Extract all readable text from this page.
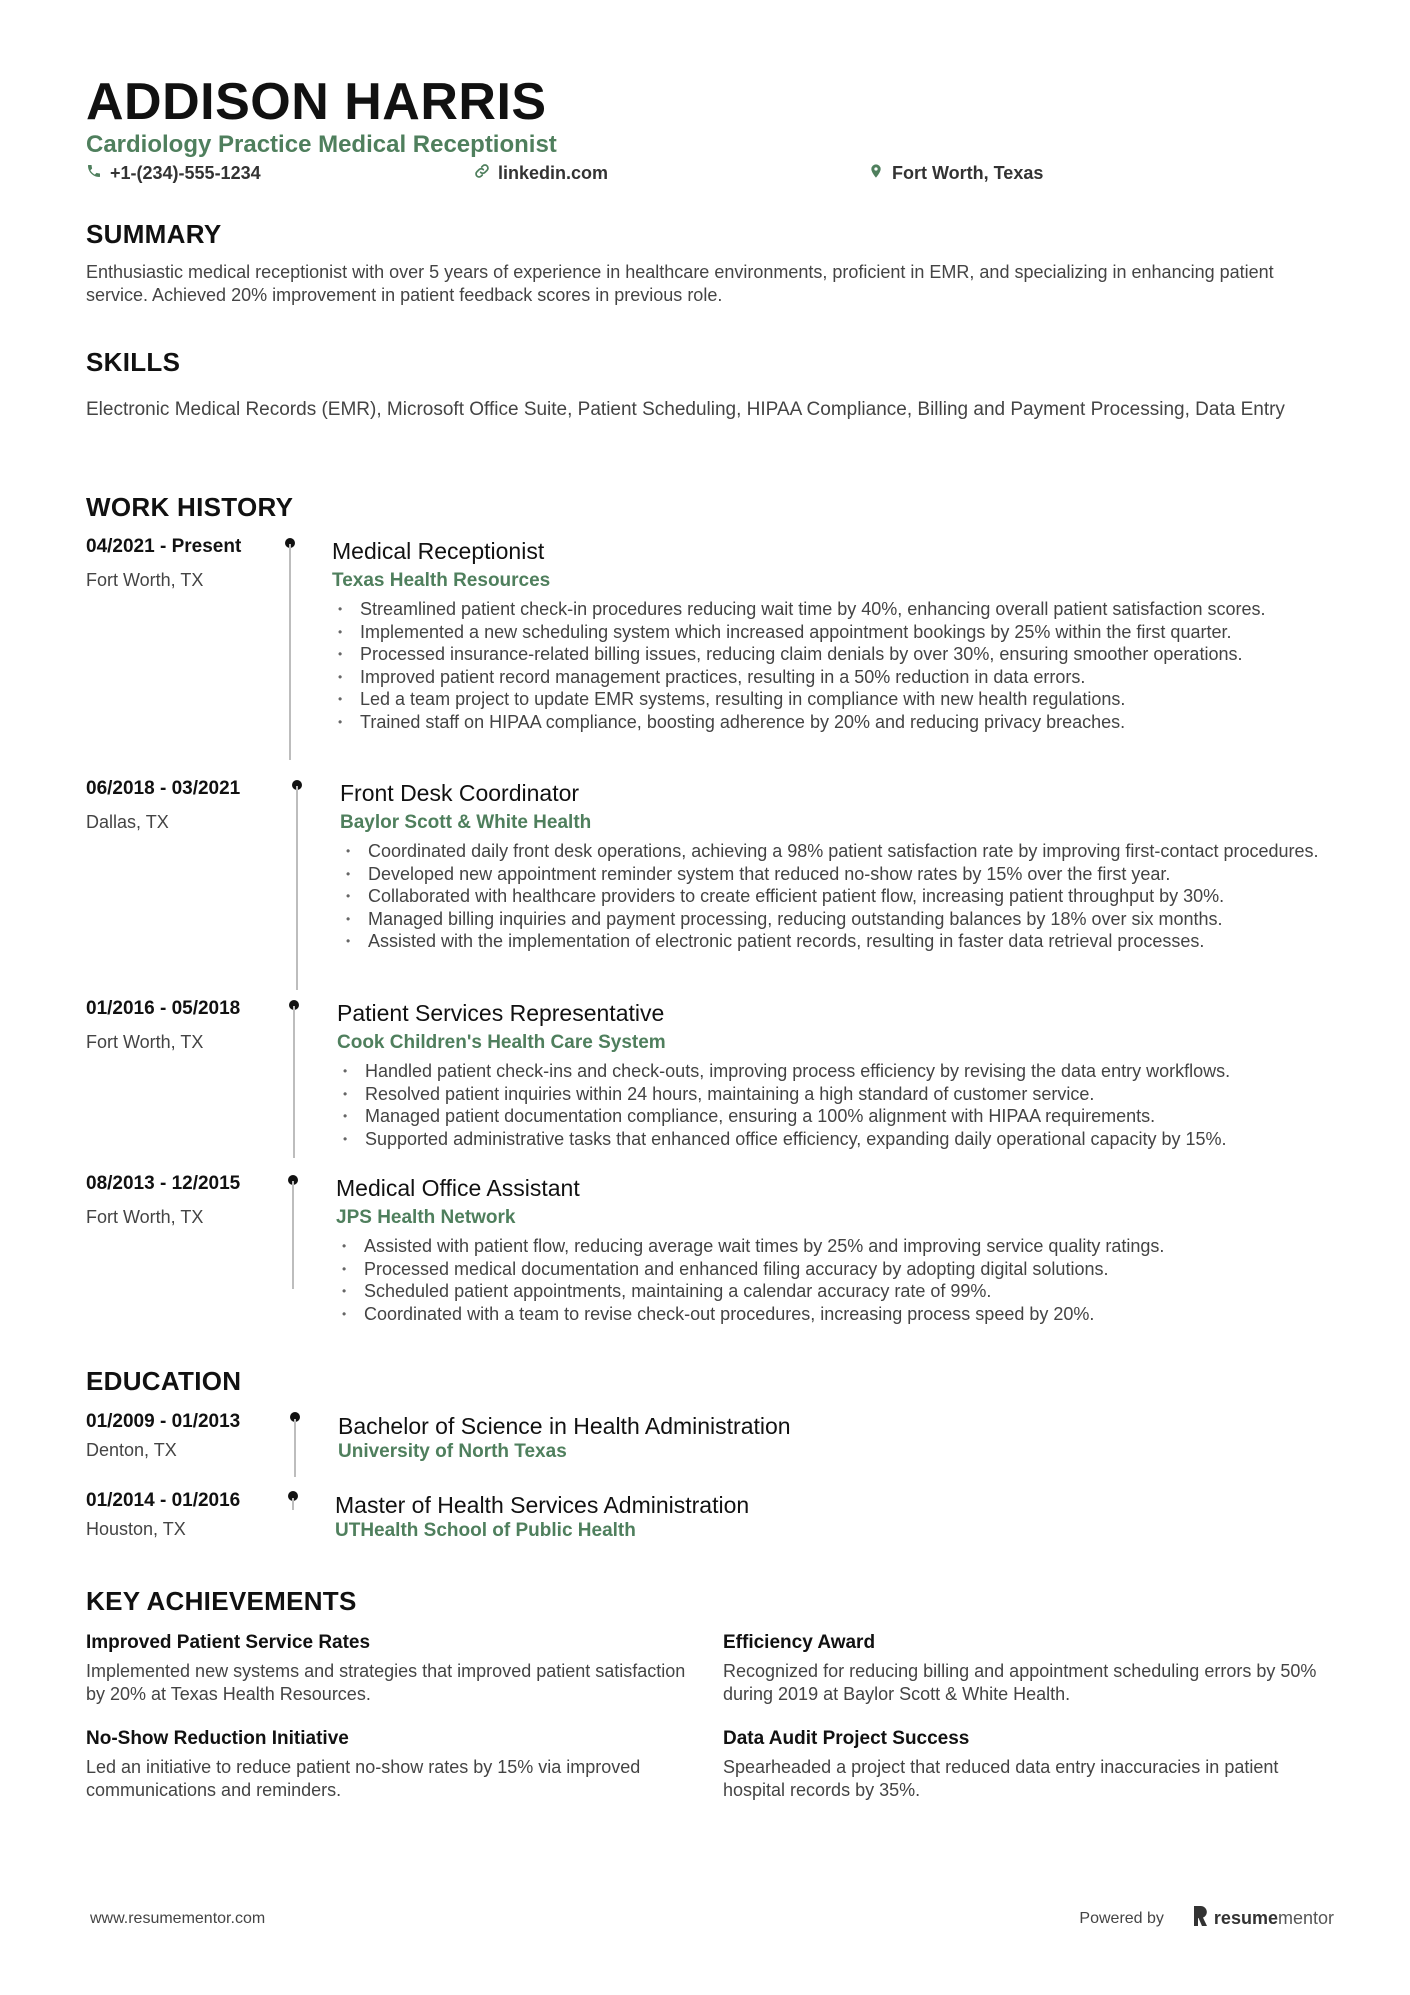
ADDISON HARRIS
Cardiology Practice Medical Receptionist
+1-(234)-555-1234	linkedin.com	Fort Worth, Texas
SUMMARY
Enthusiastic medical receptionist with over 5 years of experience in healthcare environments, proficient in EMR, and specializing in enhancing patient service. Achieved 20% improvement in patient feedback scores in previous role.
SKILLS
Electronic Medical Records (EMR), Microsoft Office Suite, Patient Scheduling, HIPAA Compliance, Billing and Payment Processing, Data Entry
WORK HISTORY
04/2021 - Present
Fort Worth, TX
Medical Receptionist
Texas Health Resources
• Streamlined patient check-in procedures reducing wait time by 40%, enhancing overall patient satisfaction scores.
• Implemented a new scheduling system which increased appointment bookings by 25% within the first quarter.
• Processed insurance-related billing issues, reducing claim denials by over 30%, ensuring smoother operations.
• Improved patient record management practices, resulting in a 50% reduction in data errors.
• Led a team project to update EMR systems, resulting in compliance with new health regulations.
• Trained staff on HIPAA compliance, boosting adherence by 20% and reducing privacy breaches.
06/2018 - 03/2021
Dallas, TX
Front Desk Coordinator
Baylor Scott & White Health
• Coordinated daily front desk operations, achieving a 98% patient satisfaction rate by improving first-contact procedures.
• Developed new appointment reminder system that reduced no-show rates by 15% over the first year.
• Collaborated with healthcare providers to create efficient patient flow, increasing patient throughput by 30%.
• Managed billing inquiries and payment processing, reducing outstanding balances by 18% over six months.
• Assisted with the implementation of electronic patient records, resulting in faster data retrieval processes.
01/2016 - 05/2018
Fort Worth, TX
Patient Services Representative
Cook Children's Health Care System
• Handled patient check-ins and check-outs, improving process efficiency by revising the data entry workflows.
• Resolved patient inquiries within 24 hours, maintaining a high standard of customer service.
• Managed patient documentation compliance, ensuring a 100% alignment with HIPAA requirements.
• Supported administrative tasks that enhanced office efficiency, expanding daily operational capacity by 15%.
08/2013 - 12/2015
Fort Worth, TX
Medical Office Assistant
JPS Health Network
• Assisted with patient flow, reducing average wait times by 25% and improving service quality ratings.
• Processed medical documentation and enhanced filing accuracy by adopting digital solutions.
• Scheduled patient appointments, maintaining a calendar accuracy rate of 99%.
• Coordinated with a team to revise check-out procedures, increasing process speed by 20%.
EDUCATION
01/2009 - 01/2013
Denton, TX
Bachelor of Science in Health Administration
University of North Texas
01/2014 - 01/2016
Houston, TX
Master of Health Services Administration
UTHealth School of Public Health
KEY ACHIEVEMENTS
Improved Patient Service Rates
Implemented new systems and strategies that improved patient satisfaction by 20% at Texas Health Resources.
Efficiency Award
Recognized for reducing billing and appointment scheduling errors by 50% during 2019 at Baylor Scott & White Health.
No-Show Reduction Initiative
Led an initiative to reduce patient no-show rates by 15% via improved communications and reminders.
Data Audit Project Success
Spearheaded a project that reduced data entry inaccuracies in patient hospital records by 35%.
www.resumementor.com	Powered by	resume mentor
